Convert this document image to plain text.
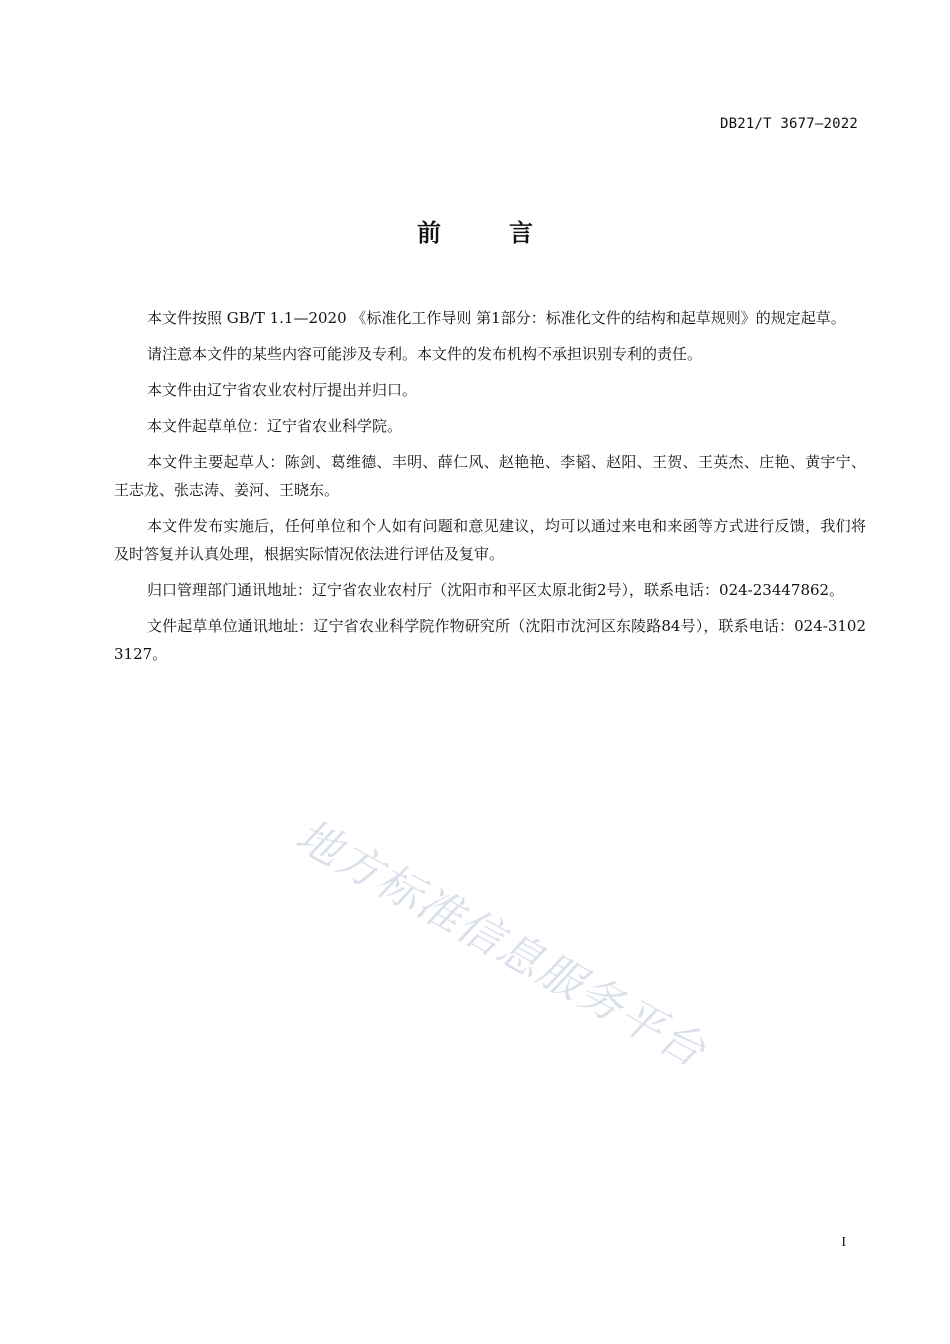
DB21/T 3677—2022
前　言

本文件按照 GB/T 1.1—2020 《标准化工作导则 第1部分：标准化文件的结构和起草规则》的规定起草。

请注意本文件的某些内容可能涉及专利。本文件的发布机构不承担识别专利的责任。

本文件由辽宁省农业农村厅提出并归口。

本文件起草单位：辽宁省农业科学院。

本文件主要起草人：陈剑、葛维德、丰明、薛仁风、赵艳艳、李韬、赵阳、王贺、王英杰、庄艳、黄宇宁、王志龙、张志涛、姜河、王晓东。

本文件发布实施后，任何单位和个人如有问题和意见建议，均可以通过来电和来函等方式进行反馈，我们将及时答复并认真处理，根据实际情况依法进行评估及复审。

归口管理部门通讯地址：辽宁省农业农村厅（沈阳市和平区太原北街2号），联系电话：024-23447862。

文件起草单位通讯地址：辽宁省农业科学院作物研究所（沈阳市沈河区东陵路84号），联系电话：024-31023127。

地方标准信息服务平台
I
